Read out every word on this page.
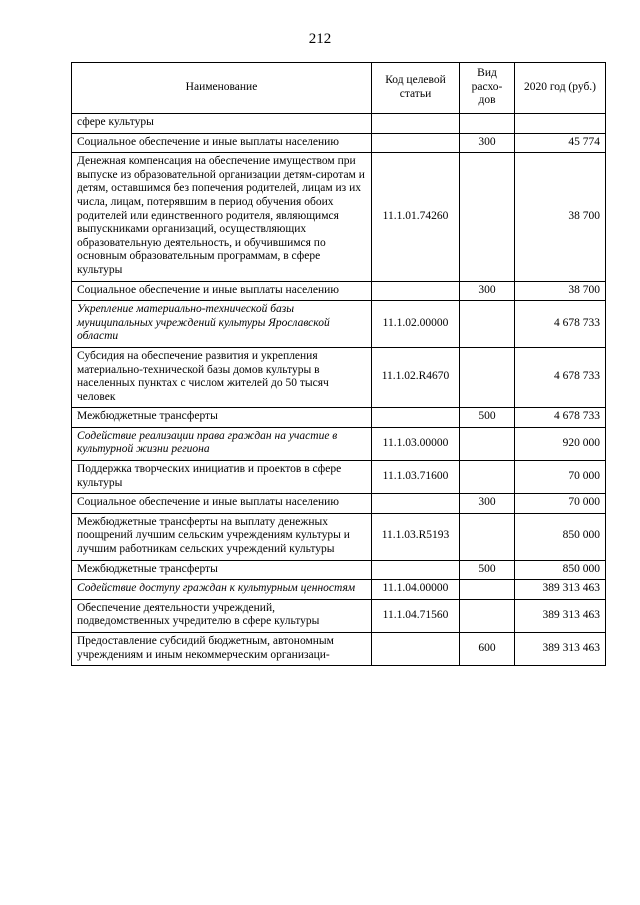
212
Наименование	Код целевой статьи	Вид расхо-дов	2020 год (руб.)
сфере культуры			
Социальное обеспечение и иные выплаты населению		300	45 774
Денежная компенсация на обеспечение имуществом при выпуске из образовательной организации детям-сиротам и детям, оставшимся без попечения родителей, лицам из их числа, лицам, потерявшим в период обучения обоих родителей или единственного родителя, являющимся выпускниками организаций, осуществляющих образовательную деятельность, и обучившимся по основным образовательным программам, в сфере культуры	11.1.01.74260		38 700
Социальное обеспечение и иные выплаты населению		300	38 700
Укрепление материально-технической базы муниципальных учреждений культуры Ярославской области	11.1.02.00000		4 678 733
Субсидия на обеспечение развития и укрепления материально-технической базы домов культуры в населенных пунктах с числом жителей до 50 тысяч человек	11.1.02.R4670		4 678 733
Межбюджетные трансферты		500	4 678 733
Содействие реализации права граждан на участие в культурной жизни региона	11.1.03.00000		920 000
Поддержка творческих инициатив и проектов в сфере культуры	11.1.03.71600		70 000
Социальное обеспечение и иные выплаты населению		300	70 000
Межбюджетные трансферты на выплату денежных поощрений лучшим сельским учреждениям культуры и лучшим работникам сельских учреждений культуры	11.1.03.R5193		850 000
Межбюджетные трансферты		500	850 000
Содействие доступу граждан к культурным ценностям	11.1.04.00000		389 313 463
Обеспечение деятельности учреждений, подведомственных учредителю в сфере культуры	11.1.04.71560		389 313 463
Предоставление субсидий бюджетным, автономным учреждениям и иным некоммерческим организаци-		600	389 313 463
